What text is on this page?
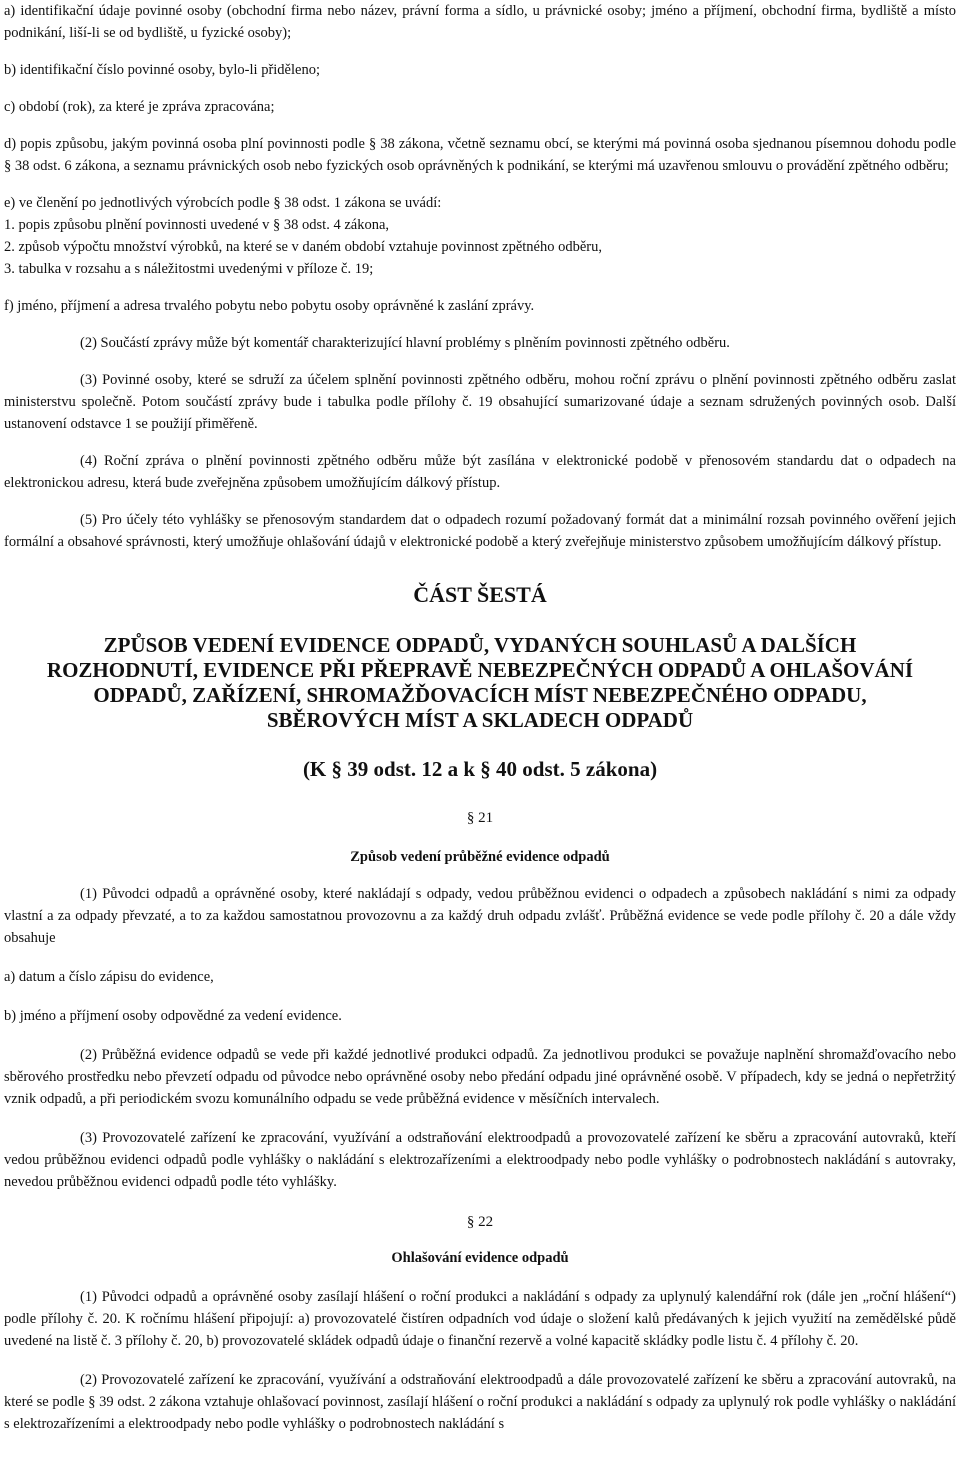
a) identifikační údaje povinné osoby (obchodní firma nebo název, právní forma a sídlo, u právnické osoby; jméno a příjmení, obchodní firma, bydliště a místo podnikání, liší-li se od bydliště, u fyzické osoby);

b) identifikační číslo povinné osoby, bylo-li přiděleno;

c) období (rok), za které je zpráva zpracována;

d) popis způsobu, jakým povinná osoba plní povinnosti podle § 38 zákona, včetně seznamu obcí, se kterými má povinná osoba sjednanou písemnou dohodu podle § 38 odst. 6 zákona, a seznamu právnických osob nebo fyzických osob oprávněných k podnikání, se kterými má uzavřenou smlouvu o provádění zpětného odběru;

e) ve členění po jednotlivých výrobcích podle § 38 odst. 1 zákona se uvádí:

1. popis způsobu plnění povinnosti uvedené v § 38 odst. 4 zákona,

2. způsob výpočtu množství výrobků, na které se v daném období vztahuje povinnost zpětného odběru,

3. tabulka v rozsahu a s náležitostmi uvedenými v příloze č. 19;

f) jméno, příjmení a adresa trvalého pobytu nebo pobytu osoby oprávněné k zaslání zprávy.

(2) Součástí zprávy může být komentář charakterizující hlavní problémy s plněním povinnosti zpětného odběru.

(3) Povinné osoby, které se sdruží za účelem splnění povinnosti zpětného odběru, mohou roční zprávu o plnění povinnosti zpětného odběru zaslat ministerstvu společně. Potom součástí zprávy bude i tabulka podle přílohy č. 19 obsahující sumarizované údaje a seznam sdružených povinných osob. Další ustanovení odstavce 1 se použijí přiměřeně.

(4) Roční zpráva o plnění povinnosti zpětného odběru může být zasílána v elektronické podobě v přenosovém standardu dat o odpadech na elektronickou adresu, která bude zveřejněna způsobem umožňujícím dálkový přístup.

(5) Pro účely této vyhlášky se přenosovým standardem dat o odpadech rozumí požadovaný formát dat a minimální rozsah povinného ověření jejich formální a obsahové správnosti, který umožňuje ohlašování údajů v elektronické podobě a který zveřejňuje ministerstvo způsobem umožňujícím dálkový přístup.

ČÁST ŠESTÁ

ZPŮSOB VEDENÍ EVIDENCE ODPADŮ, VYDANÝCH SOUHLASŮ A DALŠÍCH

ROZHODNUTÍ, EVIDENCE PŘI PŘEPRAVĚ NEBEZPEČNÝCH ODPADŮ A OHLAŠOVÁNÍ

ODPADŮ, ZAŘÍZENÍ, SHROMAŽĎOVACÍCH MÍST NEBEZPEČNÉHO ODPADU,

SBĚROVÝCH MÍST A SKLADECH ODPADŮ

(K § 39 odst. 12 a k § 40 odst. 5 zákona)

§ 21

Způsob vedení průběžné evidence odpadů

(1) Původci odpadů a oprávněné osoby, které nakládají s odpady, vedou průběžnou evidenci o odpadech a způsobech nakládání s nimi za odpady vlastní a za odpady převzaté, a to za každou samostatnou provozovnu a za každý druh odpadu zvlášť. Průběžná evidence se vede podle přílohy č. 20 a dále vždy obsahuje

a) datum a číslo zápisu do evidence,

b) jméno a příjmení osoby odpovědné za vedení evidence.

(2) Průběžná evidence odpadů se vede při každé jednotlivé produkci odpadů. Za jednotlivou produkci se považuje naplnění shromažďovacího nebo sběrového prostředku nebo převzetí odpadu od původce nebo oprávněné osoby nebo předání odpadu jiné oprávněné osobě. V případech, kdy se jedná o nepřetržitý vznik odpadů, a při periodickém svozu komunálního odpadu se vede průběžná evidence v měsíčních intervalech.

(3) Provozovatelé zařízení ke zpracování, využívání a odstraňování elektroodpadů a provozovatelé zařízení ke sběru a zpracování autovraků, kteří vedou průběžnou evidenci odpadů podle vyhlášky o nakládání s elektrozařízeními a elektroodpady nebo podle vyhlášky o podrobnostech nakládání s autovraky, nevedou průběžnou evidenci odpadů podle této vyhlášky.

§ 22

Ohlašování evidence odpadů

(1) Původci odpadů a oprávněné osoby zasílají hlášení o roční produkci a nakládání s odpady za uplynulý kalendářní rok (dále jen „roční hlášení“) podle přílohy č. 20. K ročnímu hlášení připojují: a) provozovatelé čistíren odpadních vod údaje o složení kalů předávaných k jejich využití na zemědělské půdě uvedené na listě č. 3 přílohy č. 20, b) provozovatelé skládek odpadů údaje o finanční rezervě a volné kapacitě skládky podle listu č. 4 přílohy č. 20.

(2) Provozovatelé zařízení ke zpracování, využívání a odstraňování elektroodpadů a dále provozovatelé zařízení ke sběru a zpracování autovraků, na které se podle § 39 odst. 2 zákona vztahuje ohlašovací povinnost, zasílají hlášení o roční produkci a nakládání s odpady za uplynulý rok podle vyhlášky o nakládání s elektrozařízeními a elektroodpady nebo podle vyhlášky o podrobnostech nakládání s
